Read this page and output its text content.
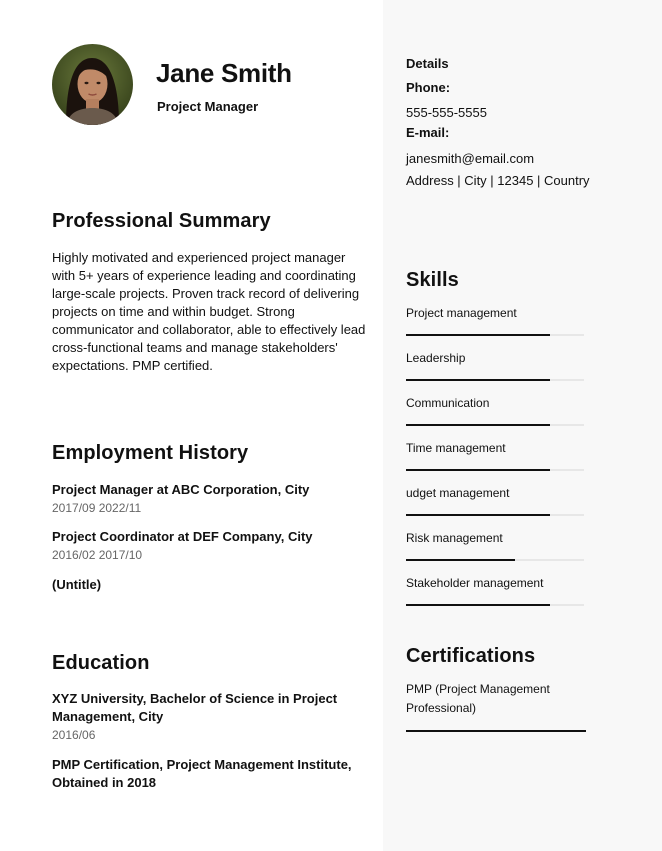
Jane Smith
Project Manager
Professional Summary
Highly motivated and experienced project manager with 5+ years of experience leading and coordinating large-scale projects. Proven track record of delivering projects on time and within budget. Strong communicator and collaborator, able to effectively lead cross-functional teams and manage stakeholders' expectations. PMP certified.
Employment History
Project Manager at ABC Corporation, City
2017/09 2022/11
Project Coordinator at DEF Company, City
2016/02 2017/10
(Untitle)
Education
XYZ University, Bachelor of Science in Project Management, City
2016/06
PMP Certification, Project Management Institute, Obtained in 2018
Details
Phone:
555-555-5555
E-mail:
janesmith@email.com
Address | City | 12345 | Country
Skills
Project management
Leadership
Communication
Time management
udget management
Risk management
Stakeholder management
Certifications
PMP (Project Management Professional)
